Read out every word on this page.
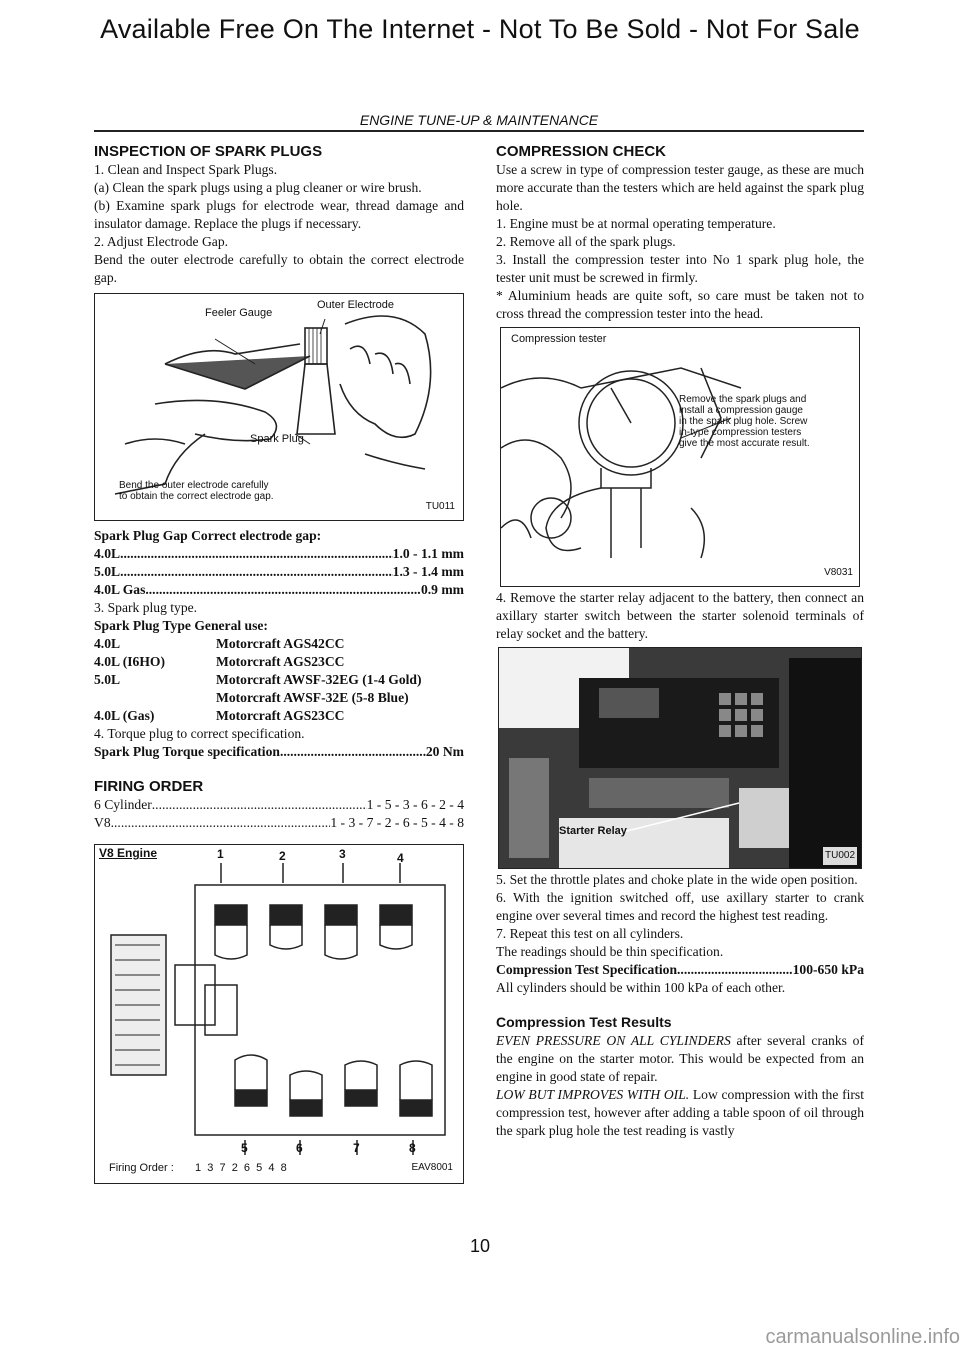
Available Free On The Internet - Not To Be Sold - Not For Sale
ENGINE TUNE-UP & MAINTENANCE
INSPECTION OF SPARK PLUGS

1. Clean and Inspect Spark Plugs.

(a) Clean the spark plugs using a plug cleaner or wire brush.

(b) Examine spark plugs for electrode wear, thread damage and insulator damage. Replace the plugs if necessary.

2. Adjust Electrode Gap.

Bend the outer electrode carefully to obtain the correct electrode gap.

Feeler Gauge
Outer Electrode
Spark Plug
Bend the outer electrode carefully
to obtain the correct electrode gap.
TU011

Spark Plug Gap Correct electrode gap:

4.0L .....	1.0 - 1.1 mm
5.0L .....	1.3 - 1.4 mm
4.0L Gas .....	0.9 mm

3. Spark plug type.

Spark Plug Type General use:

4.0L	Motorcraft AGS42CC
4.0L (I6HO)	Motorcraft AGS23CC
5.0L	Motorcraft AWSF-32EG (1-4 Gold)
Motorcraft AWSF-32E (5-8 Blue)
4.0L (Gas)	Motorcraft AGS23CC

4. Torque plug to correct specification.

Spark Plug Torque specification .....	20 Nm
FIRING ORDER
6 Cylinder .....	1 - 5 - 3 - 6 - 2 - 4
V8 .....	1 - 3 - 7 - 2 - 6 - 5 - 4 - 8
V8 Engine	1	2	3	4
5	6	7	8
Firing Order : 1  3  7  2  6  5  4  8	EAV8001
COMPRESSION CHECK

Use a screw in type of compression tester gauge, as these are much more accurate than the testers which are held against the spark plug hole.

1. Engine must be at normal operating temperature.

2. Remove all of the spark plugs.

3. Install the compression tester into No 1 spark plug hole, the tester unit must be screwed in firmly.

* Aluminium heads are quite soft, so care must be taken not to cross thread the compression tester into the head.

Compression tester
Remove the spark plugs and
install a compression gauge
in the spark plug hole. Screw
in-type compression testers
give the most accurate result.
V8031

4. Remove the starter relay adjacent to the battery, then connect an axillary starter switch between the starter solenoid terminals of relay socket and the battery.

Starter Relay
TU002

5. Set the throttle plates and choke plate in the wide open position.

6. With the ignition switched off, use axillary starter to crank engine over several times and record the highest test reading.

7. Repeat this test on all cylinders.

The readings should be thin specification.

Compression Test Specification .....	100-650 kPa

All cylinders should be within 100 kPa of each other.

Compression Test Results

EVEN PRESSURE ON ALL CYLINDERS after several cranks of the engine on the starter motor. This would be expected from an engine in good state of repair.

LOW BUT IMPROVES WITH OIL. Low compression with the first compression test, however after adding a table spoon of oil through the spark plug hole the test reading is vastly

10
carmanualsonline.info
